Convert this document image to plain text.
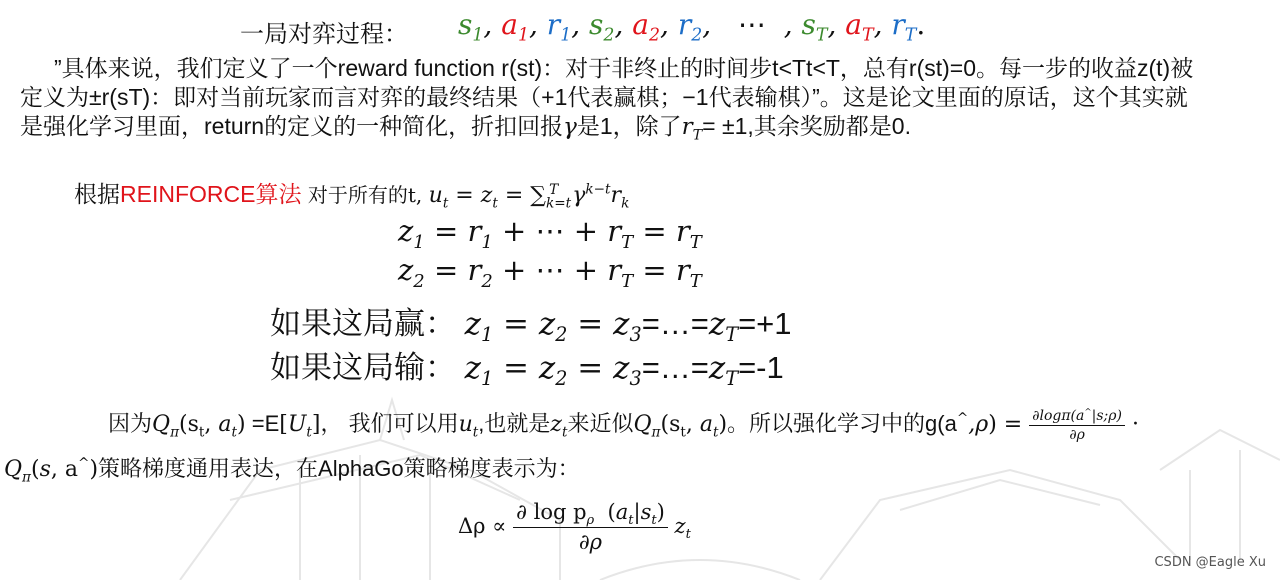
一局对弈过程： $s_1$, $a_1$, $r_1$, $s_2$, $a_2$, $r_2$,   ⋯  , $s_T$, $a_T$, $r_T$.
”具体来说，我们定义了一个reward function r(st)：对于非终止的时间步t<Tt<T，总有r(st)=0。每一步的收益z(t)被定义为±r(sT)：即对当前玩家而言对弈的最终结果（+1代表赢棋；−1代表输棋）”。这是论文里面的原话，这个其实就是强化学习里面，return的定义的一种简化，折扣回报γ是1，除了$r_T= \pm 1$,其余奖励都是0.
根据REINFORCE算法 对于所有的t, $u_t = z_t = \sum_{k=t}^T$ $\gamma^{k-t}r_k$
$z_1 = r_1$ + ⋯ + $r_T = r_T$
$z_2 = r_2$ + ⋯ + $r_T = r_T$
如果这局赢： $z_1 = z_2$ = $z_3=\dots=z_T=+1$
如果这局输： $z_1 = z_2$ = $z_3=\dots=z_T=-1$
因为$Q_\pi(s_t$, $a_t) =E[U_t]$， 我们可以用$u_t$,也就是$z_t$来近似$Q_\pi(s_t$, $a_t$)。所以强化学习中的$g(a^{\^{}},\rho) = \frac{\partial\log\pi(a^{\^{}}|s;\rho)}{\partial\rho}$ ·
$Q_\pi(s$, a^)策略梯度通用表达，在AlphaGo策略梯度表示为：
$\Delta\rho \propto \frac{\partial \log p_\rho (a_t|s_t)}{\partial\rho} z_t$
CSDN @Eagle Xu
